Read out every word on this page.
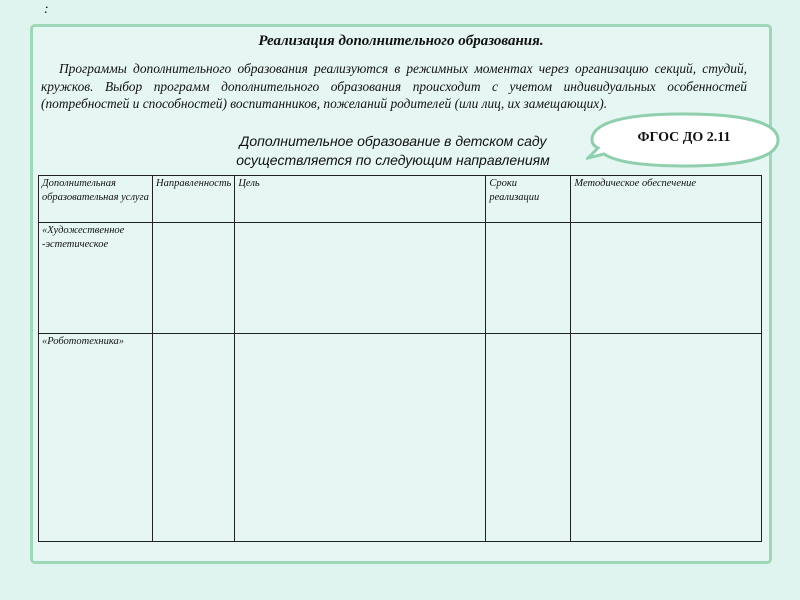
:
Реализация дополнительного образования.
Программы дополнительного образования реализуются в режимных моментах через организацию секций, студий, кружков. Выбор программ дополнительного образования происходит с учетом индивидуальных особенностей (потребностей и способностей) воспитанников, пожеланий родителей (или лиц, их замещающих).
Дополнительное образование в детском саду
осуществляется по следующим направлениям
Дополнительная образовательная услуга	Направленность	Цель	Сроки реализации	Методическое обеспечение
«Художественное -эстетическое				
«Робототехника»				
ФГОС ДО 2.11
